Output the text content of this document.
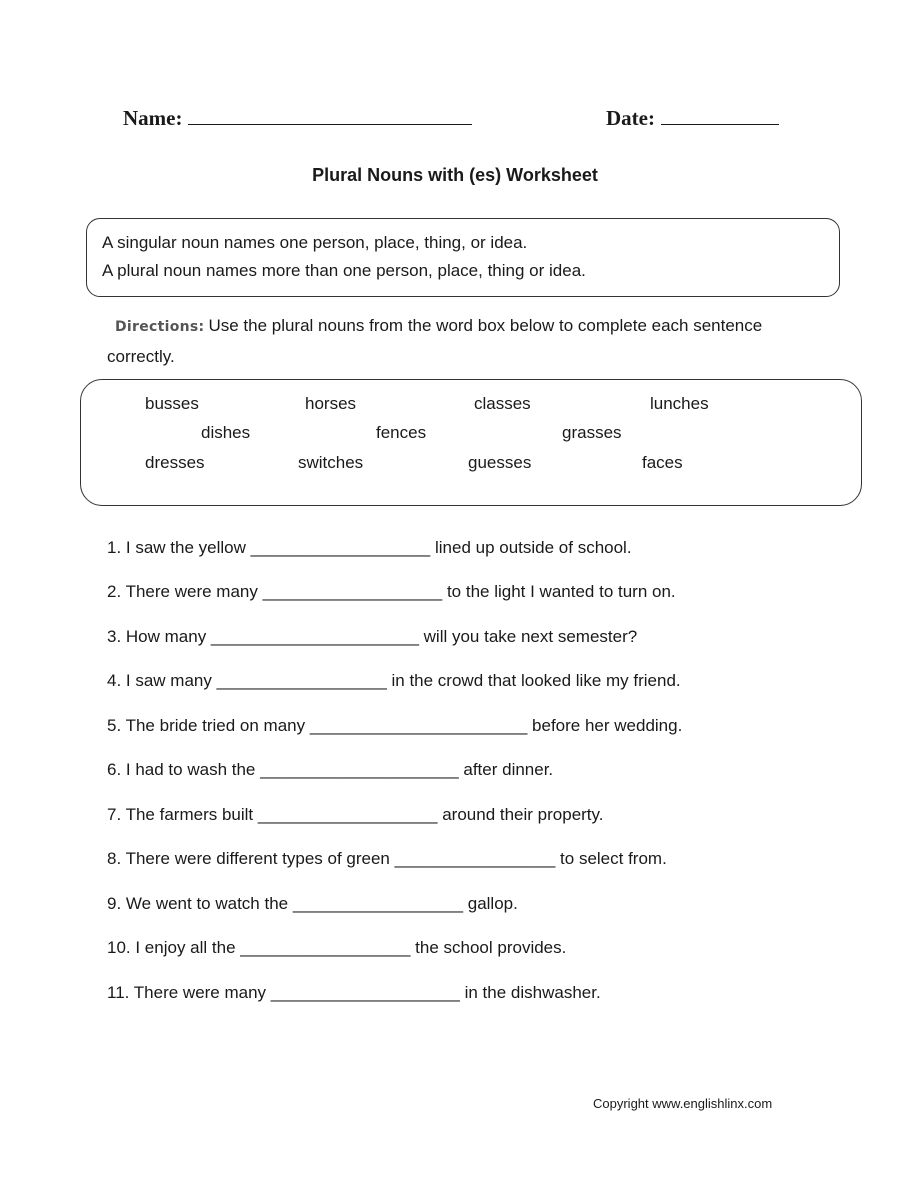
Name:	Date:
Plural Nouns with (es) Worksheet
A singular noun names one person, place, thing, or idea.
A plural noun names more than one person, place, thing or idea.
Directions: Use the plural nouns from the word box below to complete each sentence correctly.
busses	horses	classes	lunches
dishes	fences	grasses
dresses	switches	guesses	faces
1. I saw the yellow ___________________ lined up outside of school.
2. There were many ___________________ to the light I wanted to turn on.
3. How many ______________________ will you take next semester?
4. I saw many __________________ in the crowd that looked like my friend.
5. The bride tried on many _______________________ before her wedding.
6. I had to wash the _____________________ after dinner.
7. The farmers built ___________________ around their property.
8. There were different types of green _________________ to select from.
9. We went to watch the __________________ gallop.
10. I enjoy all the __________________ the school provides.
11. There were many ____________________ in the dishwasher.
Copyright www.englishlinx.com
